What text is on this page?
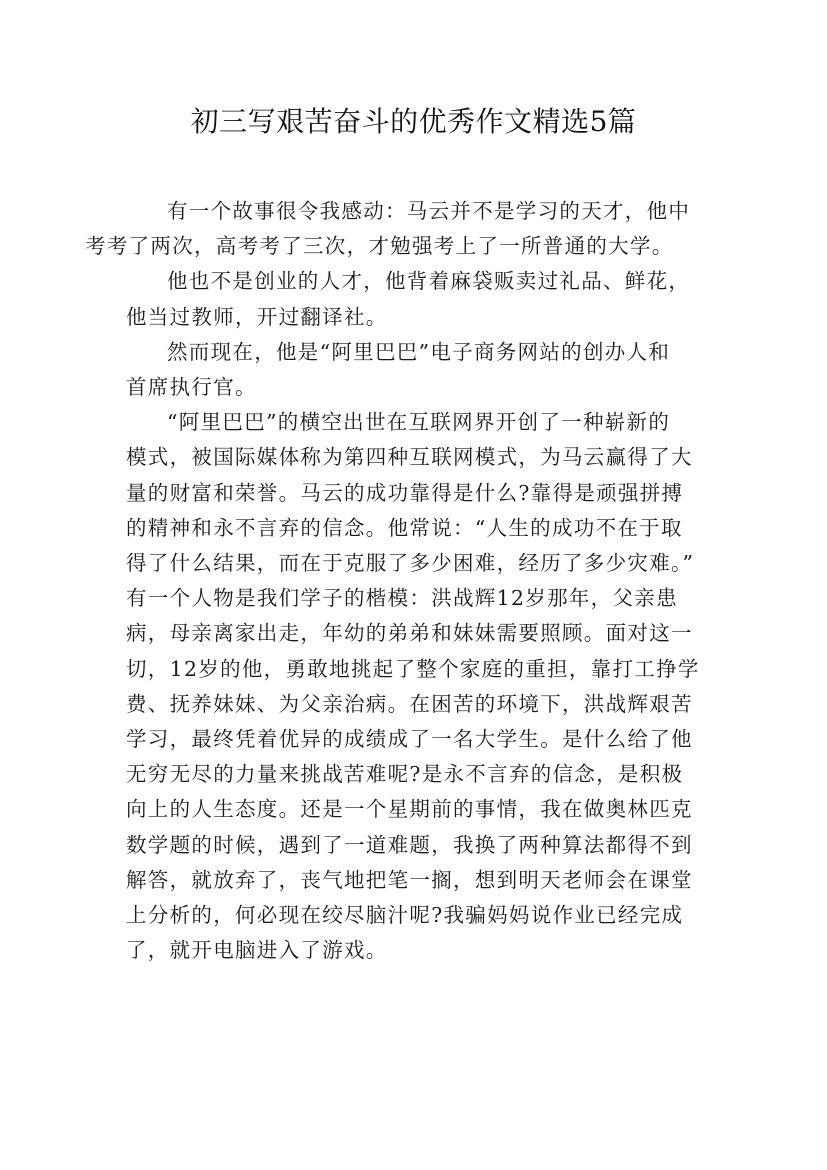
初三写艰苦奋斗的优秀作文精选5篇

有一个故事很令我感动：马云并不是学习的天才，他中
考考了两次，高考考了三次，才勉强考上了一所普通的大学。

他也不是创业的人才，他背着麻袋贩卖过礼品、鲜花，
他当过教师，开过翻译社。

然而现在，他是“阿里巴巴”电子商务网站的创办人和
首席执行官。

“阿里巴巴”的横空出世在互联网界开创了一种崭新的
模式，被国际媒体称为第四种互联网模式，为马云赢得了大
量的财富和荣誉。马云的成功靠得是什么?靠得是顽强拼搏
的精神和永不言弃的信念。他常说：“人生的成功不在于取
得了什么结果，而在于克服了多少困难，经历了多少灾难。”
有一个人物是我们学子的楷模：洪战辉12岁那年，父亲患
病，母亲离家出走，年幼的弟弟和妹妹需要照顾。面对这一
切，12岁的他，勇敢地挑起了整个家庭的重担，靠打工挣学
费、抚养妹妹、为父亲治病。在困苦的环境下，洪战辉艰苦
学习，最终凭着优异的成绩成了一名大学生。是什么给了他
无穷无尽的力量来挑战苦难呢?是永不言弃的信念，是积极
向上的人生态度。还是一个星期前的事情，我在做奥林匹克
数学题的时候，遇到了一道难题，我换了两种算法都得不到
解答，就放弃了，丧气地把笔一搁，想到明天老师会在课堂
上分析的，何必现在绞尽脑汁呢?我骗妈妈说作业已经完成
了，就开电脑进入了游戏。
